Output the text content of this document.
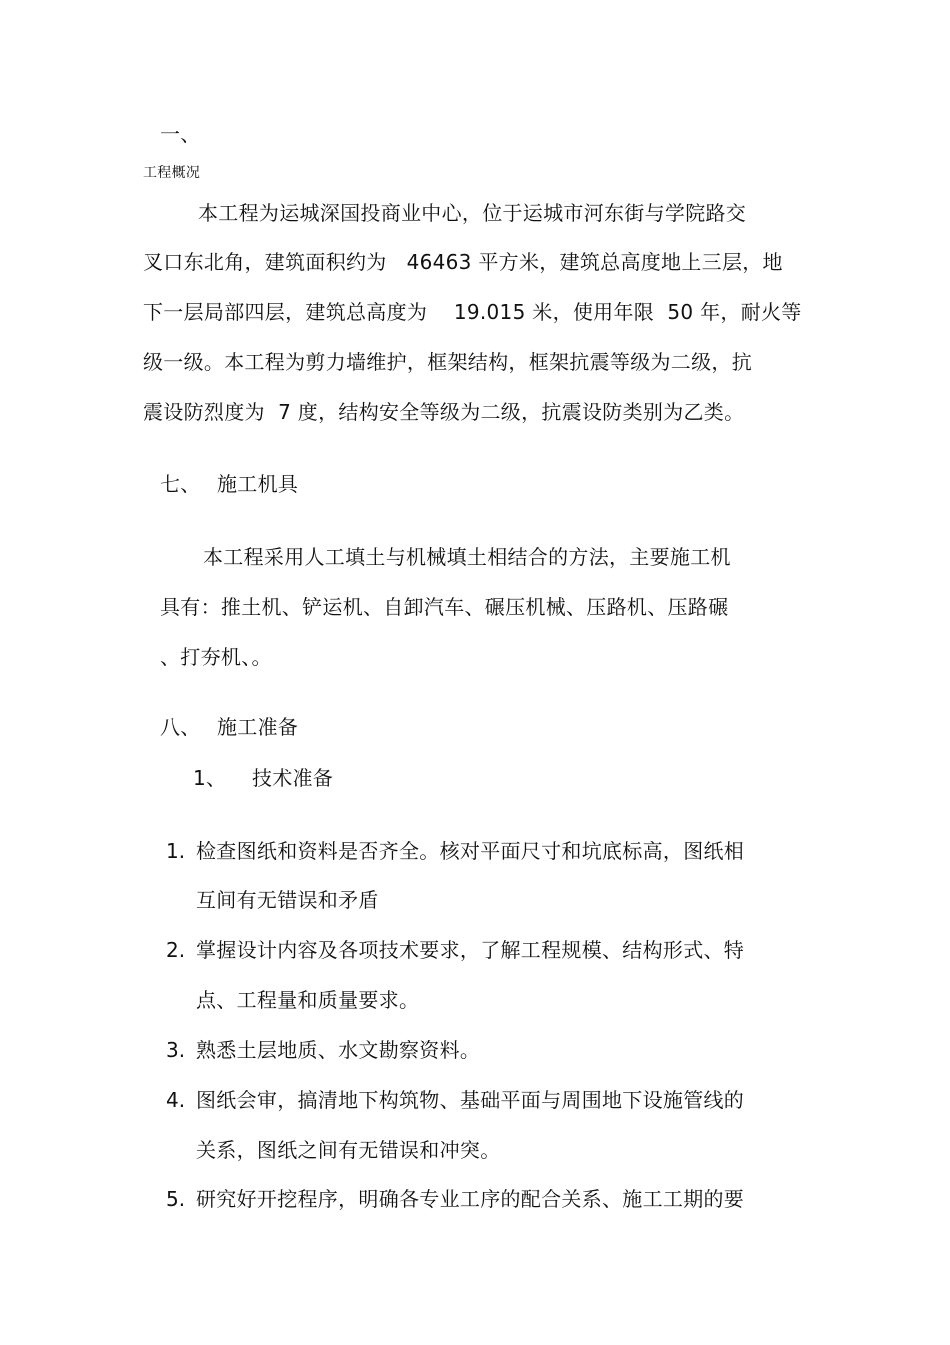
一、
工程概况
本工程为运城深国投商业中心，位于运城市河东街与学院路交
叉口东北角，建筑面积约为   46463 平方米，建筑总高度地上三层，地
下一层局部四层，建筑总高度为    19.015 米，使用年限  50 年，耐火等
级一级。本工程为剪力墙维护，框架结构，框架抗震等级为二级，抗
震设防烈度为  7 度，结构安全等级为二级，抗震设防类别为乙类。
七、 施工机具
本工程采用人工填土与机械填土相结合的方法，主要施工机
具有：推土机、铲运机、自卸汽车、碾压机械、压路机、压路碾
、打夯机、。
八、 施工准备
1、 技术准备
1. 检查图纸和资料是否齐全。核对平面尺寸和坑底标高，图纸相
互间有无错误和矛盾
2. 掌握设计内容及各项技术要求，了解工程规模、结构形式、特
点、工程量和质量要求。
3. 熟悉土层地质、水文勘察资料。
4. 图纸会审，搞清地下构筑物、基础平面与周围地下设施管线的
关系，图纸之间有无错误和冲突。
5. 研究好开挖程序，明确各专业工序的配合关系、施工工期的要
